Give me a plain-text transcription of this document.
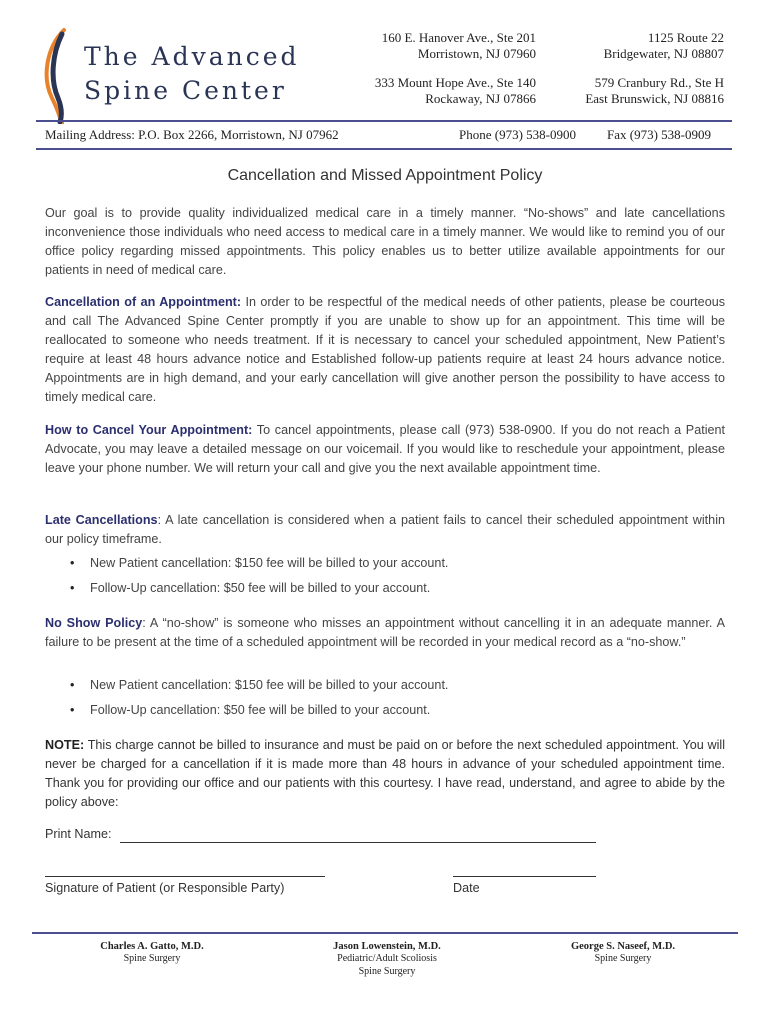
The Advanced
Spine Center
160 E. Hanover Ave., Ste 201
Morristown, NJ 07960
1125 Route 22
Bridgewater, NJ 08807
333 Mount Hope Ave., Ste 140
Rockaway, NJ 07866
579 Cranbury Rd., Ste H
East Brunswick, NJ 08816
Mailing Address: P.O. Box 2266, Morristown, NJ 07962	Phone (973) 538-0900 Fax (973) 538-0909
Cancellation and Missed Appointment Policy
Our goal is to provide quality individualized medical care in a timely manner. “No-shows” and late cancellations inconvenience those individuals who need access to medical care in a timely manner. We would like to remind you of our office policy regarding missed appointments. This policy enables us to better utilize available appointments for our patients in need of medical care.
Cancellation of an Appointment: In order to be respectful of the medical needs of other patients, please be courteous and call The Advanced Spine Center promptly if you are unable to show up for an appointment. This time will be reallocated to someone who needs treatment. If it is necessary to cancel your scheduled appointment, New Patient’s require at least 48 hours advance notice and Established follow-up patients require at least 24 hours advance notice. Appointments are in high demand, and your early cancellation will give another person the possibility to have access to timely medical care.
How to Cancel Your Appointment: To cancel appointments, please call (973) 538-0900. If you do not reach a Patient Advocate, you may leave a detailed message on our voicemail. If you would like to reschedule your appointment, please leave your phone number. We will return your call and give you the next available appointment time.
Late Cancellations: A late cancellation is considered when a patient fails to cancel their scheduled appointment within our policy timeframe.
• New Patient cancellation: $150 fee will be billed to your account.
• Follow-Up cancellation: $50 fee will be billed to your account.
No Show Policy: A “no-show” is someone who misses an appointment without cancelling it in an adequate manner. A failure to be present at the time of a scheduled appointment will be recorded in your medical record as a “no-show.”
• New Patient cancellation: $150 fee will be billed to your account.
• Follow-Up cancellation: $50 fee will be billed to your account.
NOTE: This charge cannot be billed to insurance and must be paid on or before the next scheduled appointment. You will never be charged for a cancellation if it is made more than 48 hours in advance of your scheduled appointment time. Thank you for providing our office and our patients with this courtesy. I have read, understand, and agree to abide by the policy above:
Print Name:
Signature of Patient (or Responsible Party)	Date
Charles A. Gatto, M.D.
Spine Surgery
Jason Lowenstein, M.D.
Pediatric/Adult Scoliosis
Spine Surgery
George S. Naseef, M.D.
Spine Surgery
